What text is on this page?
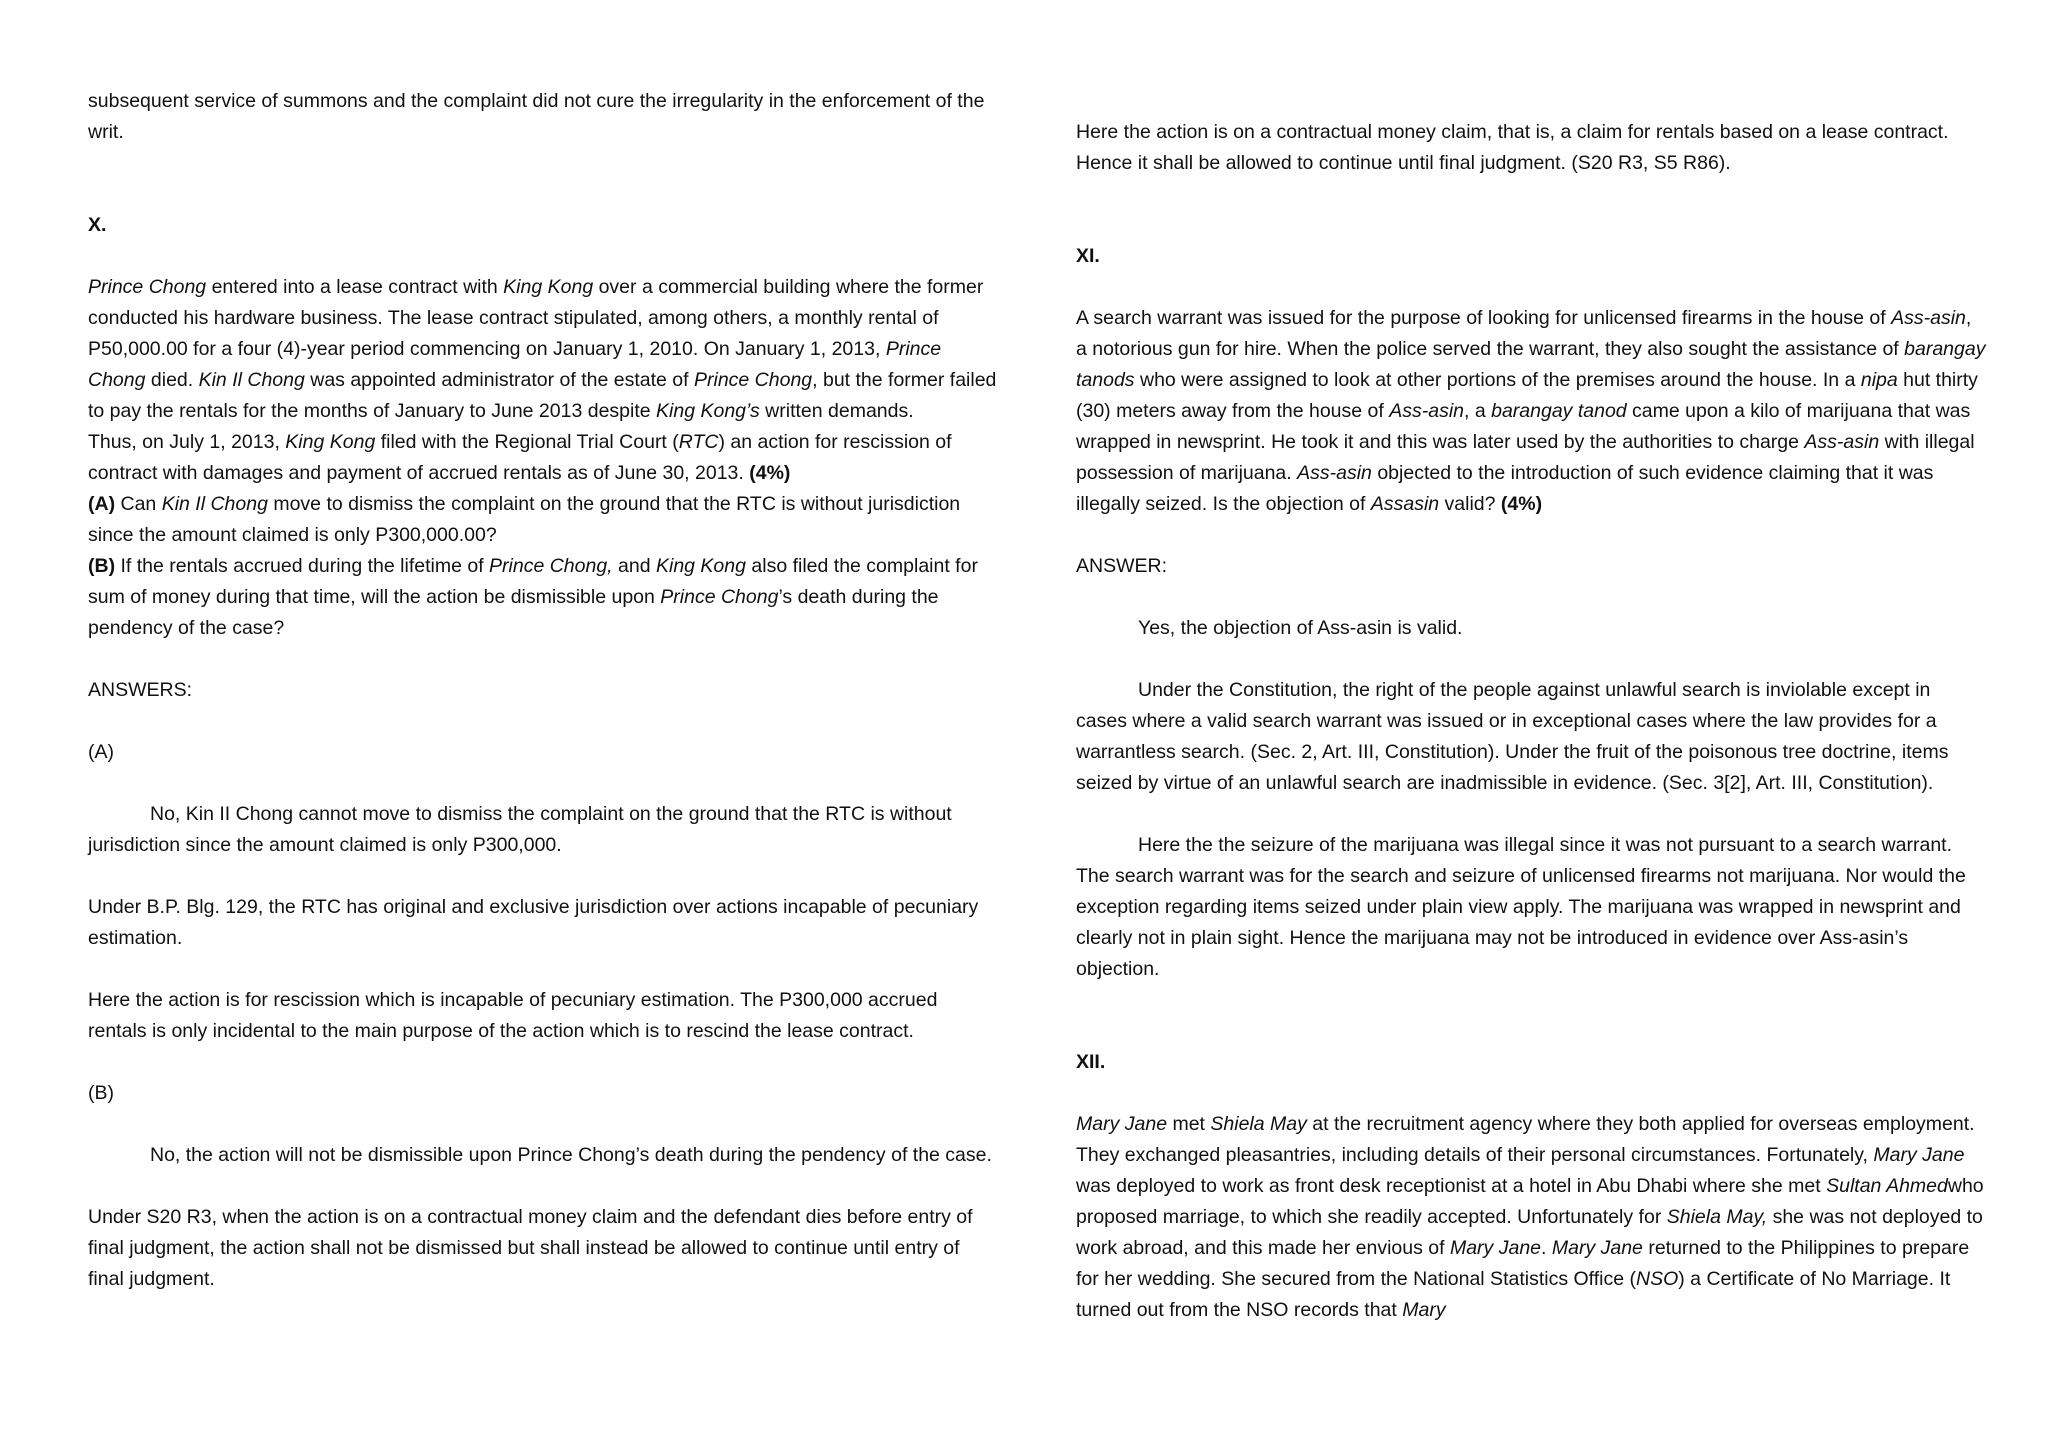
subsequent service of summons and the complaint did not cure the irregularity in the enforcement of the writ.

X.

Prince Chong entered into a lease contract with King Kong over a commercial building where the former conducted his hardware business. The lease contract stipulated, among others, a monthly rental of P50,000.00 for a four (4)-year period commencing on January 1, 2010. On January 1, 2013, Prince Chong died. Kin Il Chong was appointed administrator of the estate of Prince Chong, but the former failed to pay the rentals for the months of January to June 2013 despite King Kong’s written demands.

Thus, on July 1, 2013, King Kong filed with the Regional Trial Court (RTC) an action for rescission of contract with damages and payment of accrued rentals as of June 30, 2013. (4%)

(A) Can Kin Il Chong move to dismiss the complaint on the ground that the RTC is without jurisdiction since the amount claimed is only P300,000.00?

(B) If the rentals accrued during the lifetime of Prince Chong, and King Kong also filed the complaint for sum of money during that time, will the action be dismissible upon Prince Chong’s death during the pendency of the case?

ANSWERS:

(A)

No, Kin II Chong cannot move to dismiss the complaint on the ground that the RTC is without jurisdiction since the amount claimed is only P300,000.

Under B.P. Blg. 129, the RTC has original and exclusive jurisdiction over actions incapable of pecuniary estimation.

Here the action is for rescission which is incapable of pecuniary estimation. The P300,000 accrued rentals is only incidental to the main purpose of the action which is to rescind the lease contract.

(B)

No, the action will not be dismissible upon Prince Chong’s death during the pendency of the case.

Under S20 R3, when the action is on a contractual money claim and the defendant dies before entry of final judgment, the action shall not be dismissed but shall instead be allowed to continue until entry of final judgment.

Here the action is on a contractual money claim, that is, a claim for rentals based on a lease contract. Hence it shall be allowed to continue until final judgment. (S20 R3, S5 R86).

XI.

A search warrant was issued for the purpose of looking for unlicensed firearms in the house of Ass-asin, a notorious gun for hire. When the police served the warrant, they also sought the assistance of barangay tanods who were assigned to look at other portions of the premises around the house. In a nipa hut thirty (30) meters away from the house of Ass-asin, a barangay tanod came upon a kilo of marijuana that was wrapped in newsprint. He took it and this was later used by the authorities to charge Ass-asin with illegal possession of marijuana. Ass-asin objected to the introduction of such evidence claiming that it was illegally seized. Is the objection of Assasin valid? (4%)

ANSWER:

Yes, the objection of Ass-asin is valid.

Under the Constitution, the right of the people against unlawful search is inviolable except in cases where a valid search warrant was issued or in exceptional cases where the law provides for a warrantless search. (Sec. 2, Art. III, Constitution). Under the fruit of the poisonous tree doctrine, items seized by virtue of an unlawful search are inadmissible in evidence. (Sec. 3[2], Art. III, Constitution).

Here the the seizure of the marijuana was illegal since it was not pursuant to a search warrant. The search warrant was for the search and seizure of unlicensed firearms not marijuana. Nor would the exception regarding items seized under plain view apply. The marijuana was wrapped in newsprint and clearly not in plain sight. Hence the marijuana may not be introduced in evidence over Ass-asin’s objection.

XII.

Mary Jane met Shiela May at the recruitment agency where they both applied for overseas employment. They exchanged pleasantries, including details of their personal circumstances. Fortunately, Mary Jane was deployed to work as front desk receptionist at a hotel in Abu Dhabi where she met Sultan Ahmedwho proposed marriage, to which she readily accepted. Unfortunately for Shiela May, she was not deployed to work abroad, and this made her envious of Mary Jane. Mary Jane returned to the Philippines to prepare for her wedding. She secured from the National Statistics Office (NSO) a Certificate of No Marriage. It turned out from the NSO records that Mary
